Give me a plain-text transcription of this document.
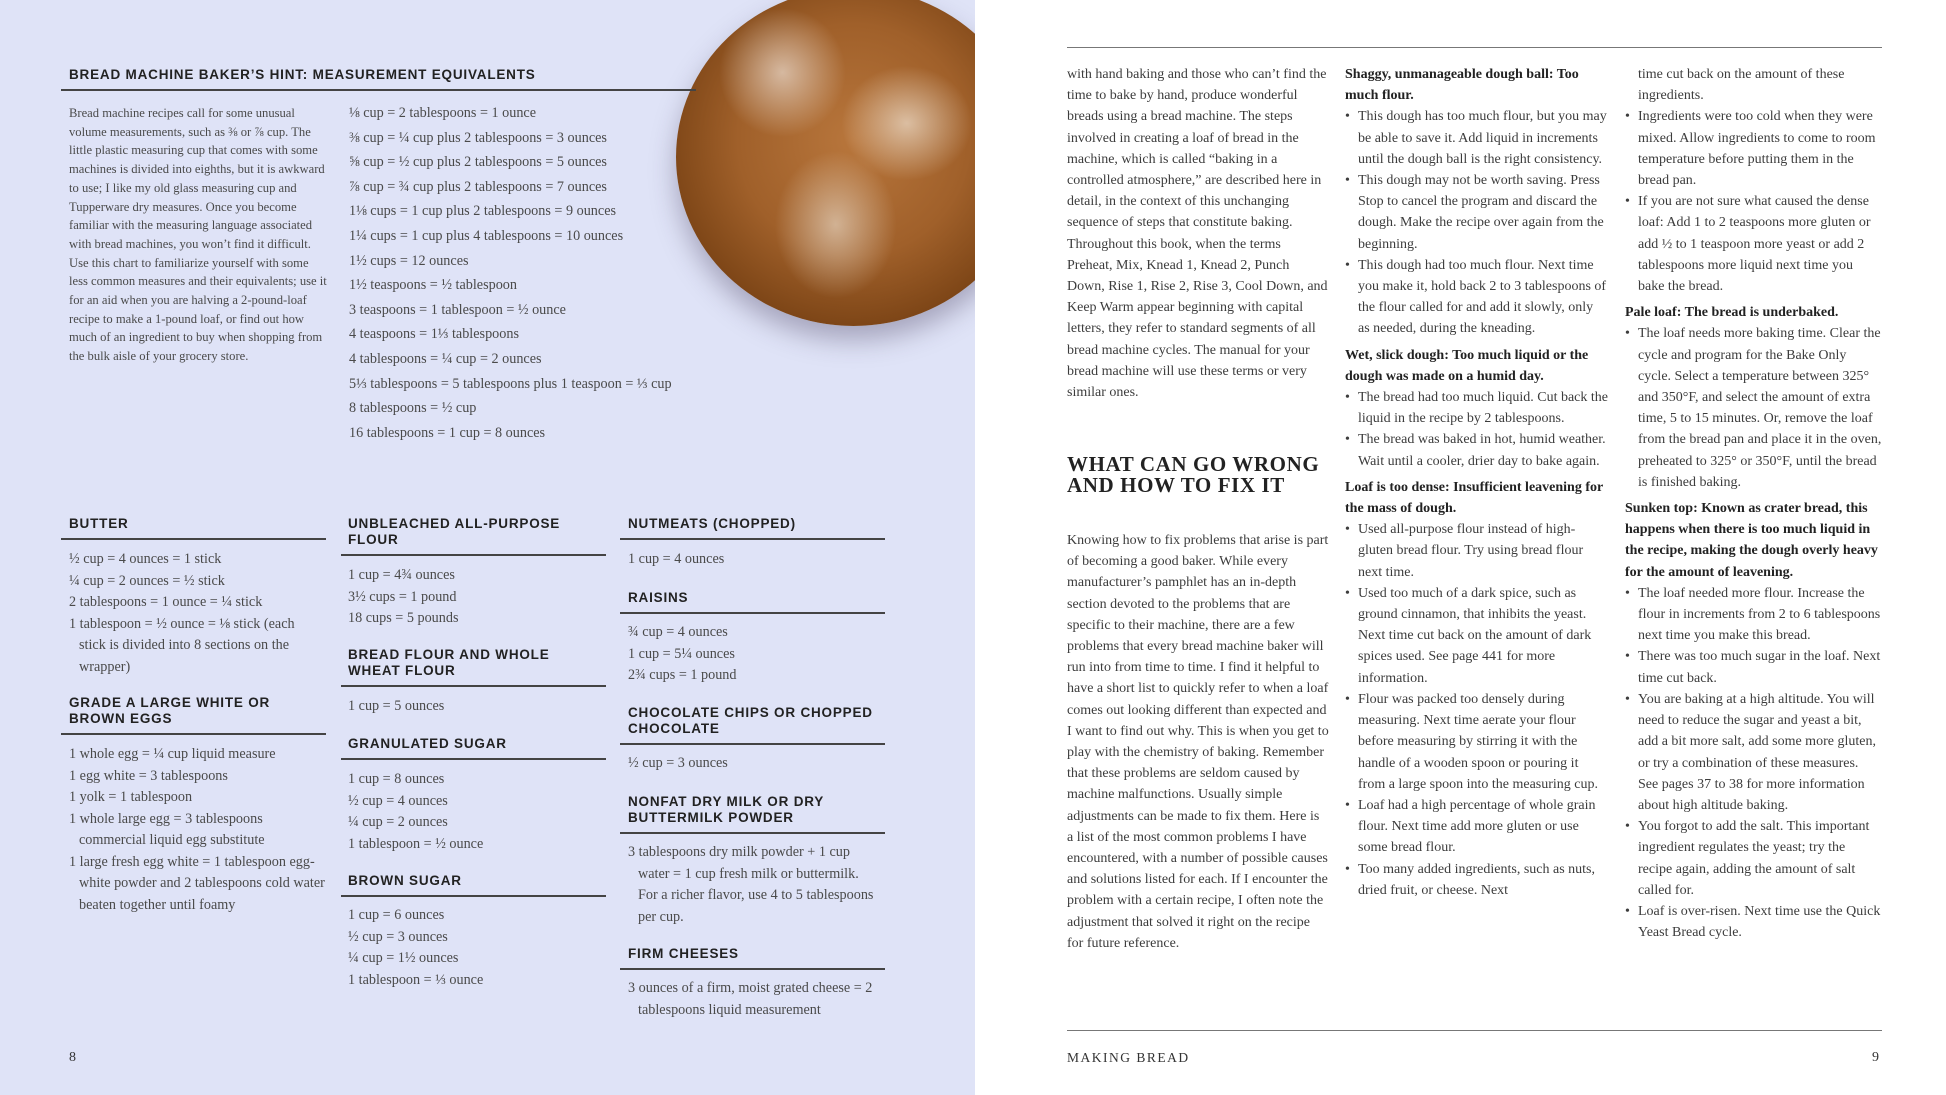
BREAD MACHINE BAKER’S HINT: MEASUREMENT EQUIVALENTS
Bread machine recipes call for some unusual volume measurements, such as ⅜ or ⅞ cup. The little plastic measuring cup that comes with some machines is divided into eighths, but it is awkward to use; I like my old glass measuring cup and Tupperware dry measures. Once you become familiar with the measuring language associated with bread machines, you won’t find it difficult. Use this chart to familiarize yourself with some less common measures and their equivalents; use it for an aid when you are halving a 2-pound-loaf recipe to make a 1-pound loaf, or find out how much of an ingredient to buy when shopping from the bulk aisle of your grocery store.
⅛ cup = 2 tablespoons = 1 ounce
⅜ cup = ¼ cup plus 2 tablespoons = 3 ounces
⅝ cup = ½ cup plus 2 tablespoons = 5 ounces
⅞ cup = ¾ cup plus 2 tablespoons = 7 ounces
1⅛ cups = 1 cup plus 2 tablespoons = 9 ounces
1¼ cups = 1 cup plus 4 tablespoons = 10 ounces
1½ cups = 12 ounces
1½ teaspoons = ½ tablespoon
3 teaspoons = 1 tablespoon = ½ ounce
4 teaspoons = 1⅓ tablespoons
4 tablespoons = ¼ cup = 2 ounces
5⅓ tablespoons = 5 tablespoons plus 1 teaspoon = ⅓ cup
8 tablespoons = ½ cup
16 tablespoons = 1 cup = 8 ounces
BUTTER
½ cup = 4 ounces = 1 stick
¼ cup = 2 ounces = ½ stick
2 tablespoons = 1 ounce = ¼ stick
1 tablespoon = ½ ounce = ⅛ stick (each stick is divided into 8 sections on the wrapper)
GRADE A LARGE WHITE OR BROWN EGGS
1 whole egg = ¼ cup liquid measure
1 egg white = 3 tablespoons
1 yolk = 1 tablespoon
1 whole large egg = 3 tablespoons commercial liquid egg substitute
1 large fresh egg white = 1 tablespoon egg-white powder and 2 tablespoons cold water beaten together until foamy
UNBLEACHED ALL-PURPOSE FLOUR
1 cup = 4¾ ounces
3½ cups = 1 pound
18 cups = 5 pounds
BREAD FLOUR AND WHOLE WHEAT FLOUR
1 cup = 5 ounces
GRANULATED SUGAR
1 cup = 8 ounces
½ cup = 4 ounces
¼ cup = 2 ounces
1 tablespoon = ½ ounce
BROWN SUGAR
1 cup = 6 ounces
½ cup = 3 ounces
¼ cup = 1½ ounces
1 tablespoon = ⅓ ounce
NUTMEATS (CHOPPED)
1 cup = 4 ounces
RAISINS
¾ cup = 4 ounces
1 cup = 5¼ ounces
2¾ cups = 1 pound
CHOCOLATE CHIPS OR CHOPPED CHOCOLATE
½ cup = 3 ounces
NONFAT DRY MILK OR DRY BUTTERMILK POWDER
3 tablespoons dry milk powder + 1 cup water = 1 cup fresh milk or buttermilk. For a richer flavor, use 4 to 5 tablespoons per cup.
FIRM CHEESES
3 ounces of a firm, moist grated cheese = 2 tablespoons liquid measurement
8

with hand baking and those who can’t find the time to bake by hand, produce wonderful breads using a bread machine. The steps involved in creating a loaf of bread in the machine, which is called “baking in a controlled atmosphere,” are described here in detail, in the context of this unchanging sequence of steps that constitute baking. Throughout this book, when the terms Preheat, Mix, Knead 1, Knead 2, Punch Down, Rise 1, Rise 2, Rise 3, Cool Down, and Keep Warm appear beginning with capital letters, they refer to standard segments of all bread machine cycles. The manual for your bread machine will use these terms or very similar ones.

WHAT CAN GO WRONG AND HOW TO FIX IT

Knowing how to fix problems that arise is part of becoming a good baker. While every manufacturer’s pamphlet has an in-depth section devoted to the problems that are specific to their machine, there are a few problems that every bread machine baker will run into from time to time. I find it helpful to have a short list to quickly refer to when a loaf comes out looking different than expected and I want to find out why. This is when you get to play with the chemistry of baking. Remember that these problems are seldom caused by machine malfunctions. Usually simple adjustments can be made to fix them. Here is a list of the most common problems I have encountered, with a number of possible causes and solutions listed for each. If I encounter the problem with a certain recipe, I often note the adjustment that solved it right on the recipe for future reference.

Shaggy, unmanageable dough ball: Too much flour.

• This dough has too much flour, but you may be able to save it. Add liquid in increments until the dough ball is the right consistency.
• This dough may not be worth saving. Press Stop to cancel the program and discard the dough. Make the recipe over again from the beginning.
• This dough had too much flour. Next time you make it, hold back 2 to 3 tablespoons of the flour called for and add it slowly, only as needed, during the kneading.

Wet, slick dough: Too much liquid or the dough was made on a humid day.

• The bread had too much liquid. Cut back the liquid in the recipe by 2 tablespoons.
• The bread was baked in hot, humid weather. Wait until a cooler, drier day to bake again.

Loaf is too dense: Insufficient leavening for the mass of dough.

• Used all-purpose flour instead of high-gluten bread flour. Try using bread flour next time.
• Used too much of a dark spice, such as ground cinnamon, that inhibits the yeast. Next time cut back on the amount of dark spices used. See page 441 for more information.
• Flour was packed too densely during measuring. Next time aerate your flour before measuring by stirring it with the handle of a wooden spoon or pouring it from a large spoon into the measuring cup.
• Loaf had a high percentage of whole grain flour. Next time add more gluten or use some bread flour.
• Too many added ingredients, such as nuts, dried fruit, or cheese. Next

time cut back on the amount of these ingredients.

• Ingredients were too cold when they were mixed. Allow ingredients to come to room temperature before putting them in the bread pan.
• If you are not sure what caused the dense loaf: Add 1 to 2 teaspoons more gluten or add ½ to 1 teaspoon more yeast or add 2 tablespoons more liquid next time you bake the bread.

Pale loaf: The bread is underbaked.

• The loaf needs more baking time. Clear the cycle and program for the Bake Only cycle. Select a temperature between 325° and 350°F, and select the amount of extra time, 5 to 15 minutes. Or, remove the loaf from the bread pan and place it in the oven, preheated to 325° or 350°F, until the bread is finished baking.

Sunken top: Known as crater bread, this happens when there is too much liquid in the recipe, making the dough overly heavy for the amount of leavening.

• The loaf needed more flour. Increase the flour in increments from 2 to 6 tablespoons next time you make this bread.
• There was too much sugar in the loaf. Next time cut back.
• You are baking at a high altitude. You will need to reduce the sugar and yeast a bit, add a bit more salt, add some more gluten, or try a combination of these measures. See pages 37 to 38 for more information about high altitude baking.
• You forgot to add the salt. This important ingredient regulates the yeast; try the recipe again, adding the amount of salt called for.
• Loaf is over-risen. Next time use the Quick Yeast Bread cycle.
MAKING BREAD	9
